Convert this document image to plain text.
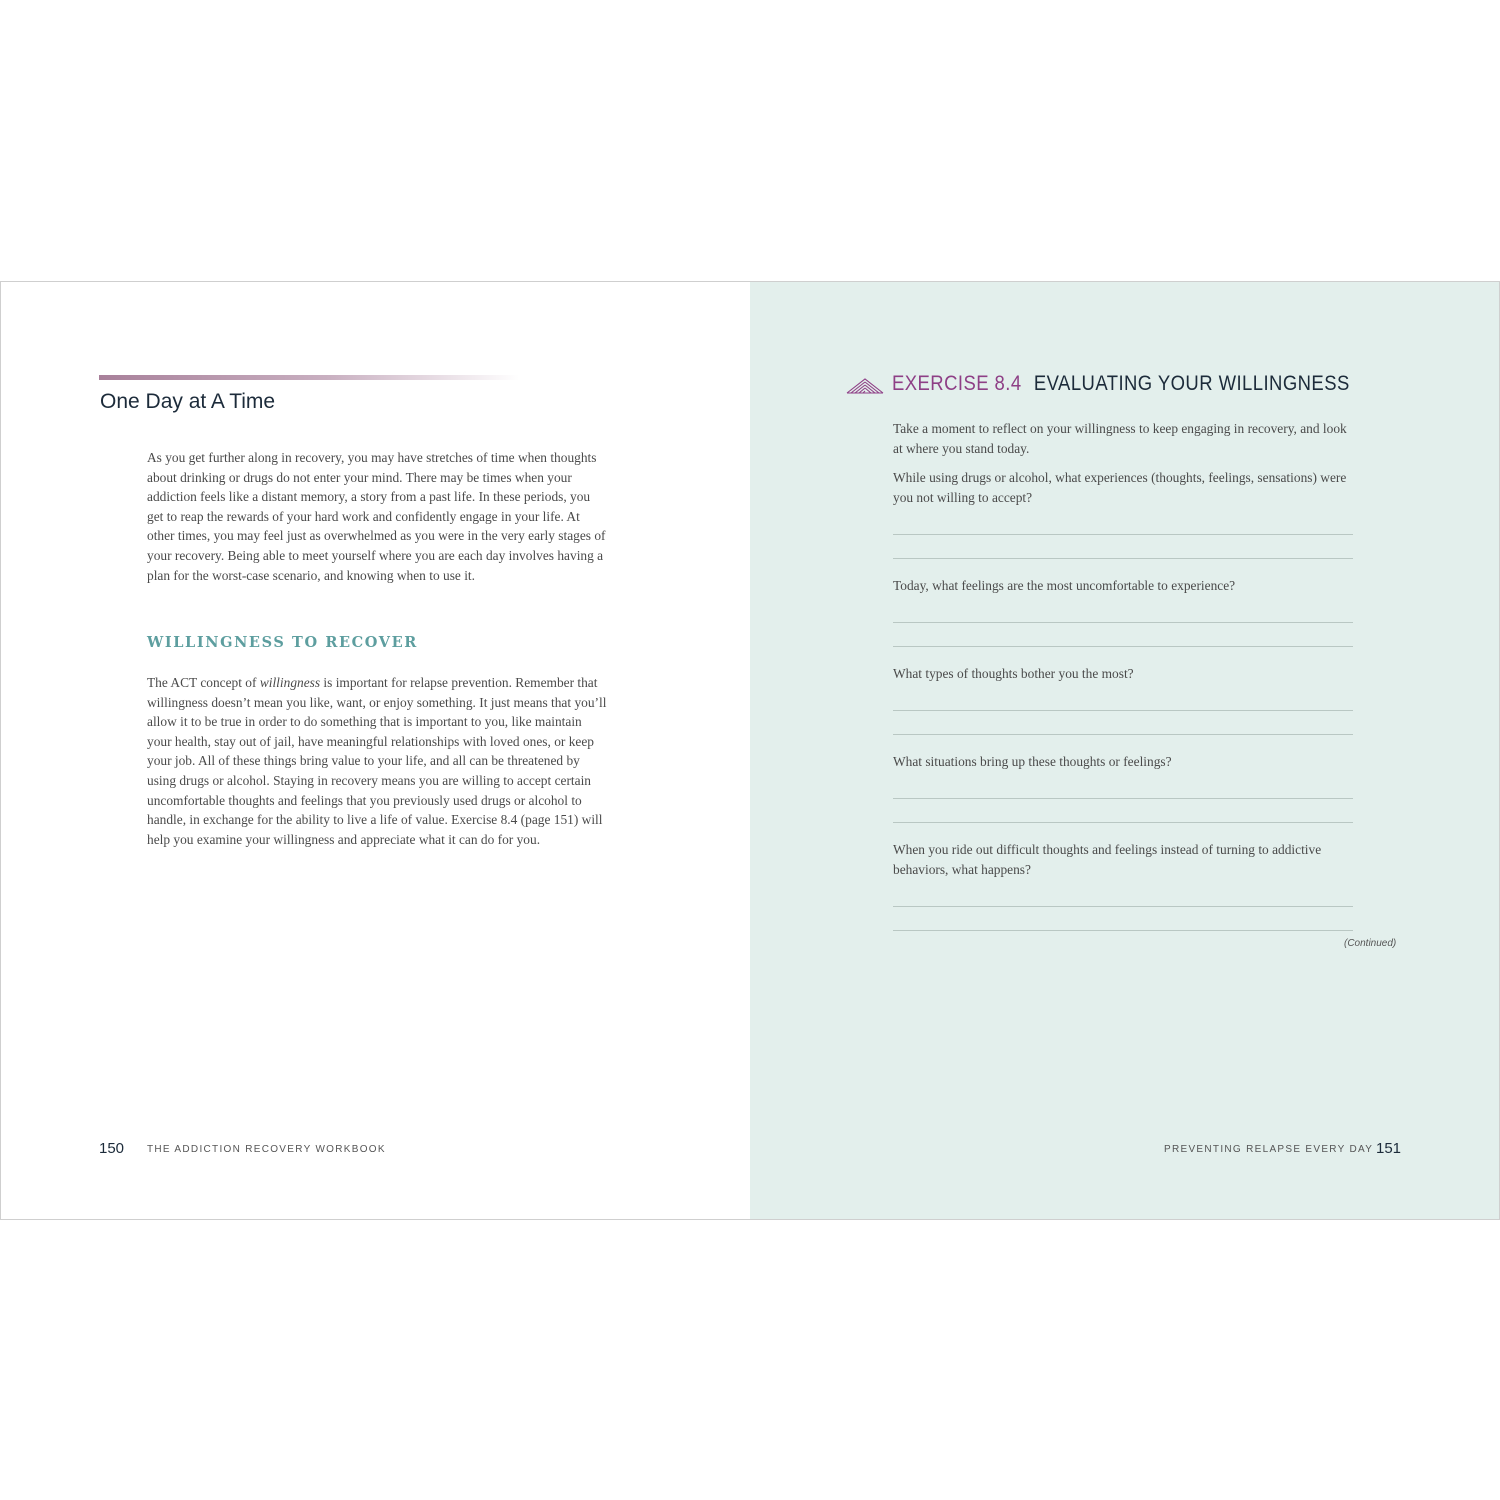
One Day at A Time

As you get further along in recovery, you may have stretches of time when thoughts about drinking or drugs do not enter your mind. There may be times when your addiction feels like a distant memory, a story from a past life. In these periods, you get to reap the rewards of your hard work and confidently engage in your life. At other times, you may feel just as overwhelmed as you were in the very early stages of your recovery. Being able to meet yourself where you are each day involves having a plan for the worst-case scenario, and knowing when to use it.

WILLINGNESS TO RECOVER

The ACT concept of willingness is important for relapse prevention. Remember that willingness doesn’t mean you like, want, or enjoy something. It just means that you’ll allow it to be true in order to do something that is important to you, like maintain your health, stay out of jail, have meaningful relationships with loved ones, or keep your job. All of these things bring value to your life, and all can be threatened by using drugs or alcohol. Staying in recovery means you are willing to accept certain uncomfortable thoughts and feelings that you previously used drugs or alcohol to handle, in exchange for the ability to live a life of value. Exercise 8.4 (page 151) will help you examine your willingness and appreciate what it can do for you.

150 THE ADDICTION RECOVERY WORKBOOK
EXERCISE 8.4 EVALUATING YOUR WILLINGNESS

Take a moment to reflect on your willingness to keep engaging in recovery, and look at where you stand today.

While using drugs or alcohol, what experiences (thoughts, feelings, sensations) were you not willing to accept?

Today, what feelings are the most uncomfortable to experience?

What types of thoughts bother you the most?

What situations bring up these thoughts or feelings?

When you ride out difficult thoughts and feelings instead of turning to addictive behaviors, what happens?

(Continued)
PREVENTING RELAPSE EVERY DAY 151
